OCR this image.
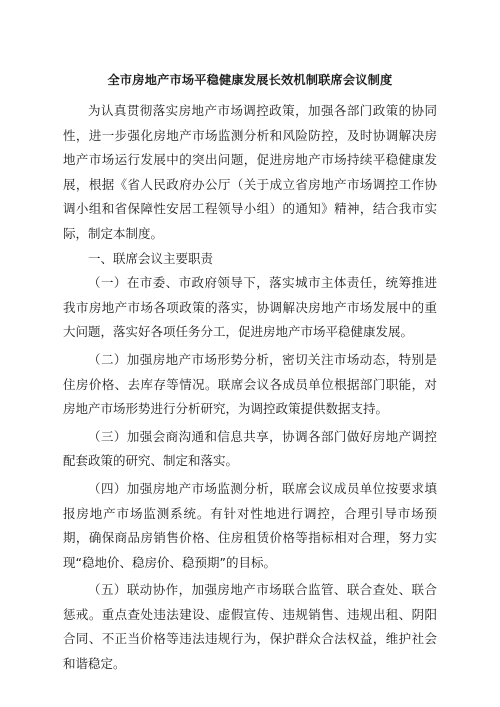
全市房地产市场平稳健康发展长效机制联席会议制度

为认真贯彻落实房地产市场调控政策，加强各部门政策的协同性，进一步强化房地产市场监测分析和风险防控，及时协调解决房地产市场运行发展中的突出问题，促进房地产市场持续平稳健康发展，根据《省人民政府办公厅（关于成立省房地产市场调控工作协调小组和省保障性安居工程领导小组）的通知》精神，结合我市实际，制定本制度。

一、联席会议主要职责

（一）在市委、市政府领导下，落实城市主体责任，统筹推进我市房地产市场各项政策的落实，协调解决房地产市场发展中的重大问题，落实好各项任务分工，促进房地产市场平稳健康发展。

（二）加强房地产市场形势分析，密切关注市场动态，特别是住房价格、去库存等情况。联席会议各成员单位根据部门职能，对房地产市场形势进行分析研究，为调控政策提供数据支持。

（三）加强会商沟通和信息共享，协调各部门做好房地产调控配套政策的研究、制定和落实。

（四）加强房地产市场监测分析，联席会议成员单位按要求填报房地产市场监测系统。有针对性地进行调控，合理引导市场预期，确保商品房销售价格、住房租赁价格等指标相对合理，努力实现“稳地价、稳房价、稳预期”的目标。

（五）联动协作，加强房地产市场联合监管、联合查处、联合惩戒。重点查处违法建设、虚假宣传、违规销售、违规出租、阴阳合同、不正当价格等违法违规行为，保护群众合法权益，维护社会和谐稳定。
